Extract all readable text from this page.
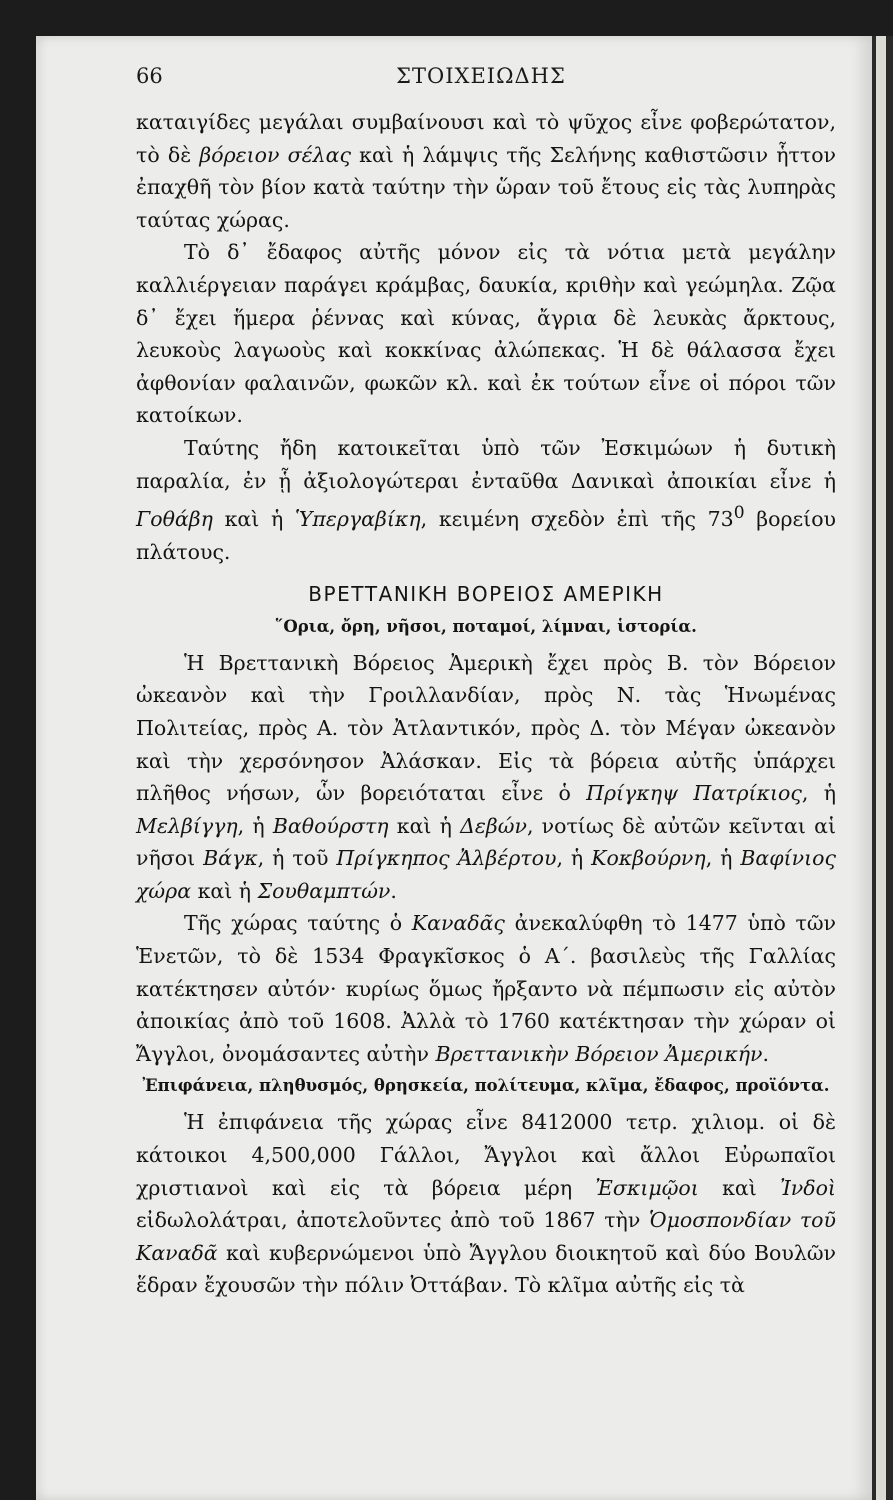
ΣΤΟΙΧΕΙΩΔΗΣ
66

καταιγίδες μεγάλαι συμβαίνουσι καὶ τὸ ψῦχος εἶνε φοβερώτατον, τὸ δὲ βόρειον σέλας καὶ ἡ λάμψις τῆς Σελήνης καθιστῶσιν ἧττον ἐπαχθῆ τὸν βίον κατὰ ταύτην τὴν ὥραν τοῦ ἔτους εἰς τὰς λυπηρὰς ταύτας χώρας.

Τὸ δ᾽ ἔδαφος αὐτῆς μόνον εἰς τὰ νότια μετὰ μεγάλην καλλιέργειαν παράγει κράμβας, δαυκία, κριθὴν καὶ γεώμηλα. Ζῷα δ᾽ ἔχει ἥμερα ῥέννας καὶ κύνας, ἄγρια δὲ λευκὰς ἄρκτους, λευκοὺς λαγωοὺς καὶ κοκκίνας ἀλώπεκας. Ἡ δὲ θάλασσα ἔχει ἀφθονίαν φαλαινῶν, φωκῶν κλ. καὶ ἐκ τούτων εἶνε οἱ πόροι τῶν κατοίκων.

Ταύτης ἤδη κατοικεῖται ὑπὸ τῶν Ἐσκιμώων ἡ δυτικὴ παραλία, ἐν ᾗ ἀξιολογώτεραι ἐνταῦθα Δανικαὶ ἀποικίαι εἶνε ἡ Γοθάβη καὶ ἡ Ὑπεργαβίκη, κειμένη σχεδὸν ἐπὶ τῆς $73^0$ βορείου πλάτους.

ΒΡΕΤΤΑΝΙΚΗ ΒΟΡΕΙΟΣ ΑΜΕΡΙΚΗ

῞Ορια, ὄρη, νῆσοι, ποταμοί, λίμναι, ἱστορία.

Ἡ Βρεττανικὴ Βόρειος Ἀμερικὴ ἔχει πρὸς Β. τὸν Βόρειον ὠκεανὸν καὶ τὴν Γροιλλανδίαν, πρὸς Ν. τὰς Ἡνωμένας Πολιτείας, πρὸς Α. τὸν Ἀτλαντικόν, πρὸς Δ. τὸν Μέγαν ὠκεανὸν καὶ τὴν χερσόνησον Ἀλάσκαν. Εἰς τὰ βόρεια αὐτῆς ὑπάρχει πλῆθος νήσων, ὧν βορειόταται εἶνε ὁ Πρίγκηψ Πατρίκιος, ἡ Μελβίγγη, ἡ Βαθούρστη καὶ ἡ Δεβών, νοτίως δὲ αὐτῶν κεῖνται αἱ νῆσοι Βάγκ, ἡ τοῦ Πρίγκηπος Ἀλβέρτου, ἡ Κοκβούρνη, ἡ Βαφίνιος χώρα καὶ ἡ Σουθαμπτών.

Τῆς χώρας ταύτης ὁ Καναδᾶς ἀνεκαλύφθη τὸ 1477 ὑπὸ τῶν Ἑνετῶν, τὸ δὲ 1534 Φραγκῖσκος ὁ Α΄. βασιλεὺς τῆς Γαλλίας κατέκτησεν αὐτόν· κυρίως ὅμως ἤρξαντο νὰ πέμπωσιν εἰς αὐτὸν ἀποικίας ἀπὸ τοῦ 1608. Ἀλλὰ τὸ 1760 κατέκτησαν τὴν χώραν οἱ Ἄγγλοι, ὀνομάσαντες αὐτὴν Βρεττανικὴν Βόρειον Ἀμερικήν.

Ἐπιφάνεια, πληθυσμός, θρησκεία, πολίτευμα, κλῖμα, ἔδαφος, προϊόντα.

Ἡ ἐπιφάνεια τῆς χώρας εἶνε 8412000 τετρ. χιλιομ. οἱ δὲ κάτοικοι 4,500,000 Γάλλοι, Ἄγγλοι καὶ ἄλλοι Εὐρωπαῖοι χριστιανοὶ καὶ εἰς τὰ βόρεια μέρη Ἐσκιμῷοι καὶ Ἰνδοὶ εἰδωλολάτραι, ἀποτελοῦντες ἀπὸ τοῦ 1867 τὴν Ὁμοσπονδίαν τοῦ Καναδᾶ καὶ κυβερνώμενοι ὑπὸ Ἄγγλου διοικητοῦ καὶ δύο Βουλῶν ἕδραν ἔχουσῶν τὴν πόλιν Ὀττάβαν. Τὸ κλῖμα αὐτῆς εἰς τὰ
